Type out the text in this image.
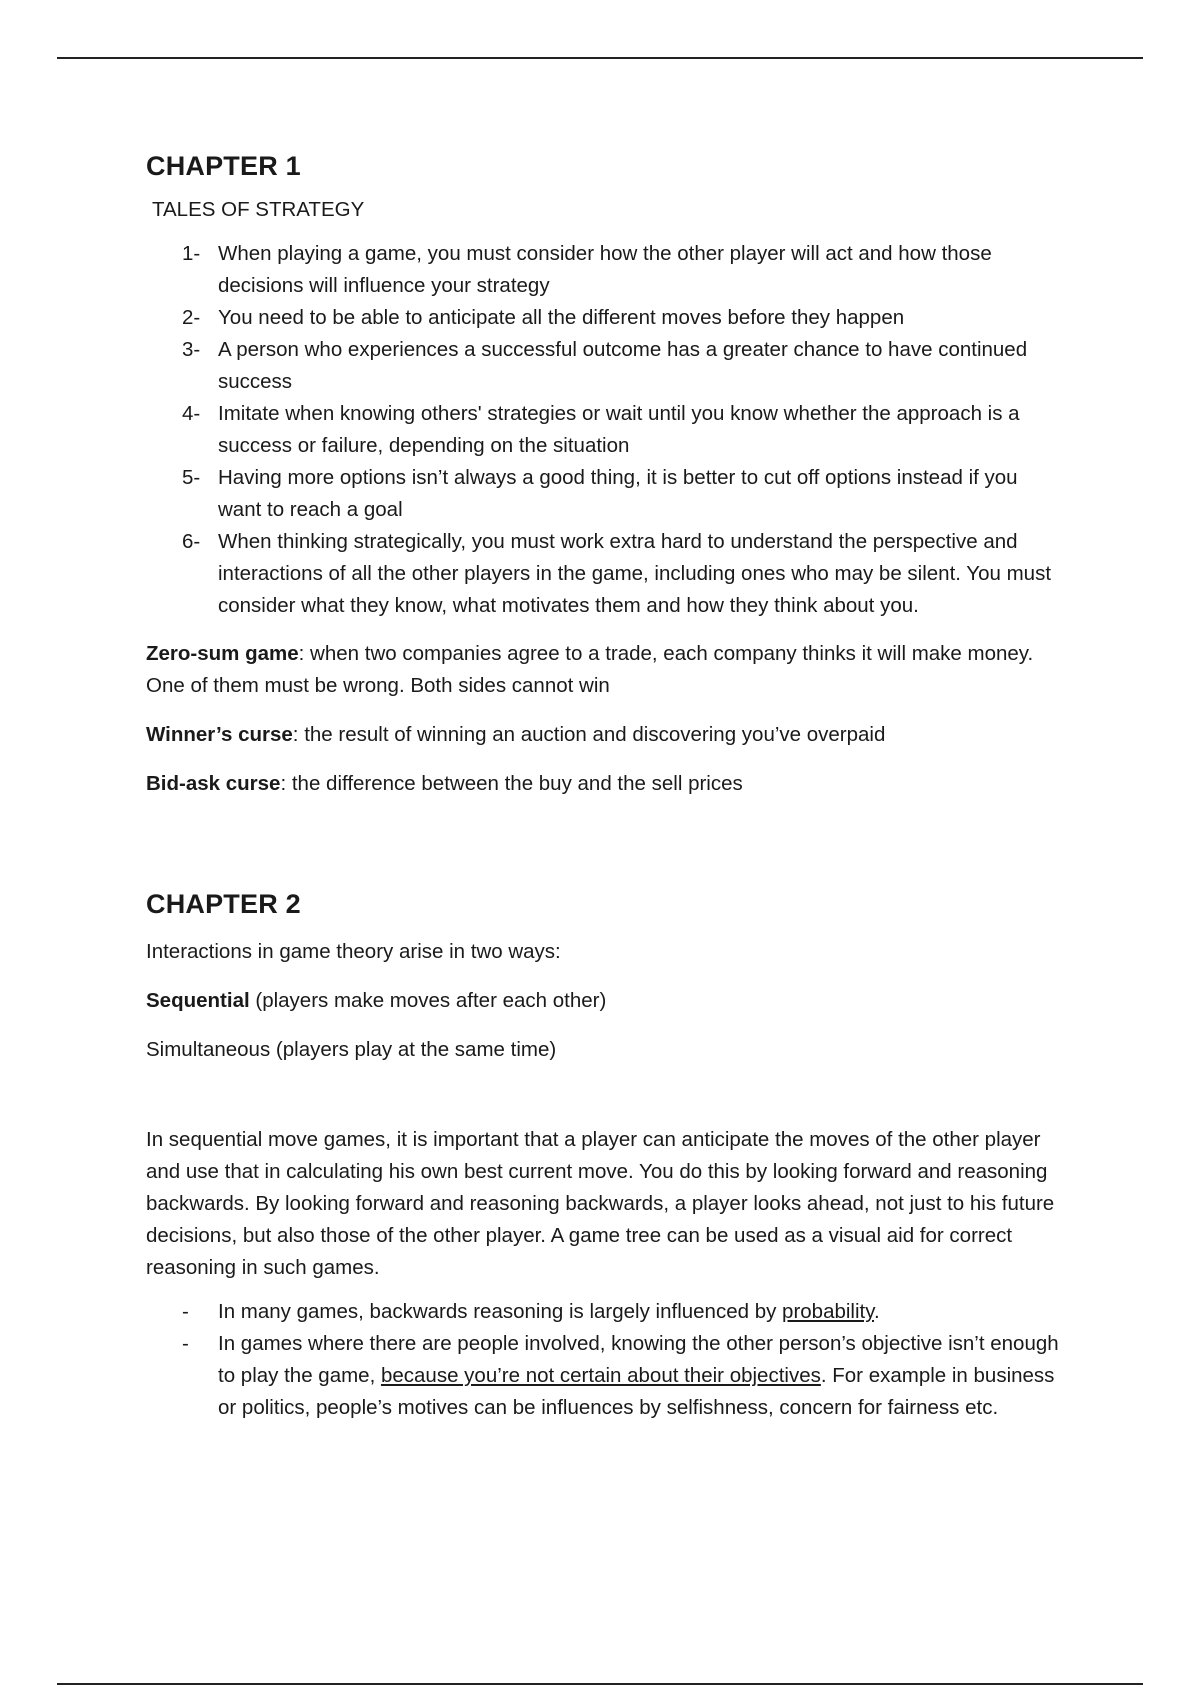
CHAPTER 1

TALES OF STRATEGY

1- When playing a game, you must consider how the other player will act and how those decisions will influence your strategy
2- You need to be able to anticipate all the different moves before they happen
3- A person who experiences a successful outcome has a greater chance to have continued success
4- Imitate when knowing others' strategies or wait until you know whether the approach is a success or failure, depending on the situation
5- Having more options isn’t always a good thing, it is better to cut off options instead if you want to reach a goal
6- When thinking strategically, you must work extra hard to understand the perspective and interactions of all the other players in the game, including ones who may be silent. You must consider what they know, what motivates them and how they think about you.

Zero-sum game: when two companies agree to a trade, each company thinks it will make money. One of them must be wrong. Both sides cannot win

Winner’s curse: the result of winning an auction and discovering you’ve overpaid

Bid-ask curse: the difference between the buy and the sell prices

CHAPTER 2

Interactions in game theory arise in two ways:

Sequential (players make moves after each other)

Simultaneous (players play at the same time)

In sequential move games, it is important that a player can anticipate the moves of the other player and use that in calculating his own best current move. You do this by looking forward and reasoning backwards. By looking forward and reasoning backwards, a player looks ahead, not just to his future decisions, but also those of the other player. A game tree can be used as a visual aid for correct reasoning in such games.

- In many games, backwards reasoning is largely influenced by probability.
- In games where there are people involved, knowing the other person’s objective isn’t enough to play the game, because you’re not certain about their objectives. For example in business or politics, people’s motives can be influences by selfishness, concern for fairness etc.
